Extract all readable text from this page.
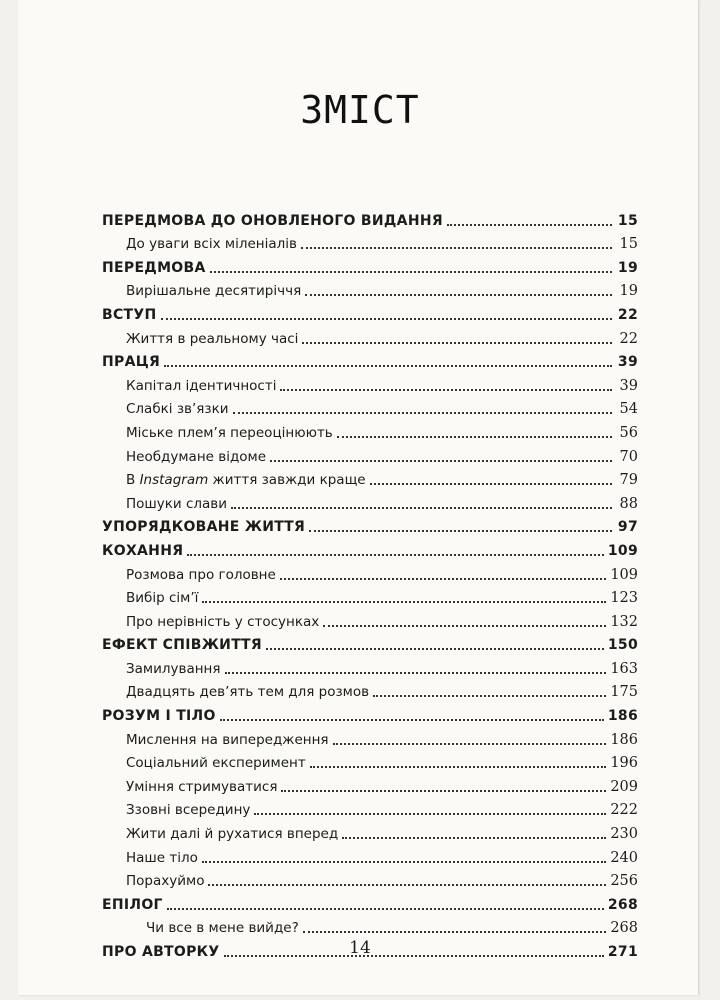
ЗМІСТ
ПЕРЕДМОВА ДО ОНОВЛЕНОГО ВИДАННЯ	15
До уваги всіх міленіалів	15
ПЕРЕДМОВА	19
Вирішальне десятиріччя	19
ВСТУП	22
Життя в реальному часі	22
ПРАЦЯ	39
Капітал ідентичності	39
Слабкі зв’язки	54
Міське плем’я переоцінюють	56
Необдумане відоме	70
В Instagram життя завжди краще	79
Пошуки слави	88
УПОРЯДКОВАНЕ ЖИТТЯ	97
КОХАННЯ	109
Розмова про головне	109
Вибір сім’ї	123
Про нерівність у стосунках	132
ЕФЕКТ СПІВЖИТТЯ	150
Замилування	163
Двадцять дев’ять тем для розмов	175
РОЗУМ І ТІЛО	186
Мислення на випередження	186
Соціальний експеримент	196
Уміння стримуватися	209
Ззовні всередину	222
Жити далі й рухатися вперед	230
Наше тіло	240
Порахуймо	256
ЕПІЛОГ	268
Чи все в мене вийде?	268
ПРО АВТОРКУ	271
14
